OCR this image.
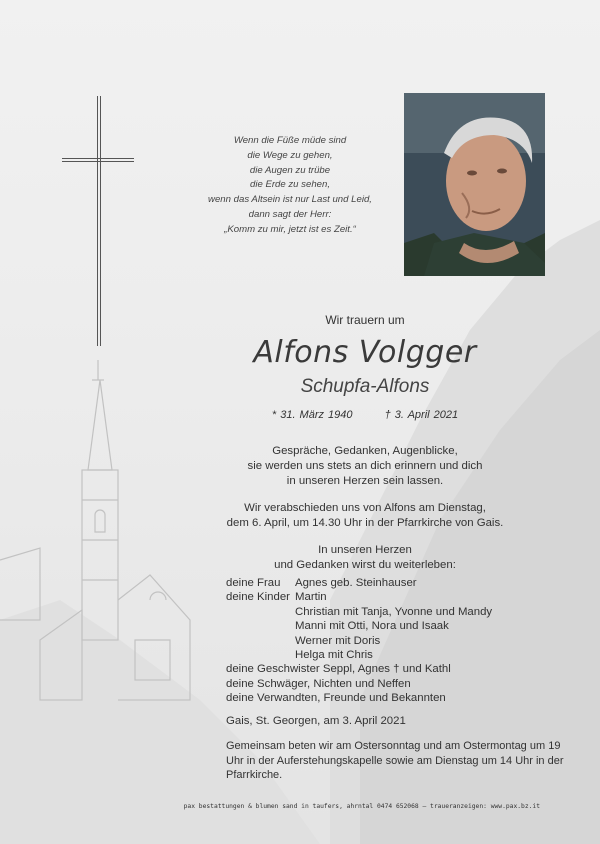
Wenn die Füße müde sind
die Wege zu gehen,
die Augen zu trübe
die Erde zu sehen,
wenn das Altsein ist nur Last und Leid,
dann sagt der Herr:
„Komm zu mir, jetzt ist es Zeit.“
Wir trauern um
Alfons Volgger
Schupfa-Alfons
* 31. März 1940	† 3. April 2021
Gespräche, Gedanken, Augenblicke,
sie werden uns stets an dich erinnern und dich
in unseren Herzen sein lassen.
Wir verabschieden uns von Alfons am Dienstag,
dem 6. April, um 14.30 Uhr in der Pfarrkirche von Gais.
In unseren Herzen
und Gedanken wirst du weiterleben:
deine Frau Agnes geb. Steinhauser
deine Kinder Martin
Christian mit Tanja, Yvonne und Mandy
Manni mit Otti, Nora und Isaak
Werner mit Doris
Helga mit Chris
deine Geschwister Seppl, Agnes † und Kathl
deine Schwäger, Nichten und Neffen
deine Verwandten, Freunde und Bekannten
Gais, St. Georgen, am 3. April 2021
Gemeinsam beten wir am Ostersonntag und am Ostermontag um 19 Uhr in der Auferstehungskapelle sowie am Dienstag um 14 Uhr in der Pfarrkirche.
pax bestattungen & blumen sand in taufers, ahrntal 0474 652068 – traueranzeigen: www.pax.bz.it
